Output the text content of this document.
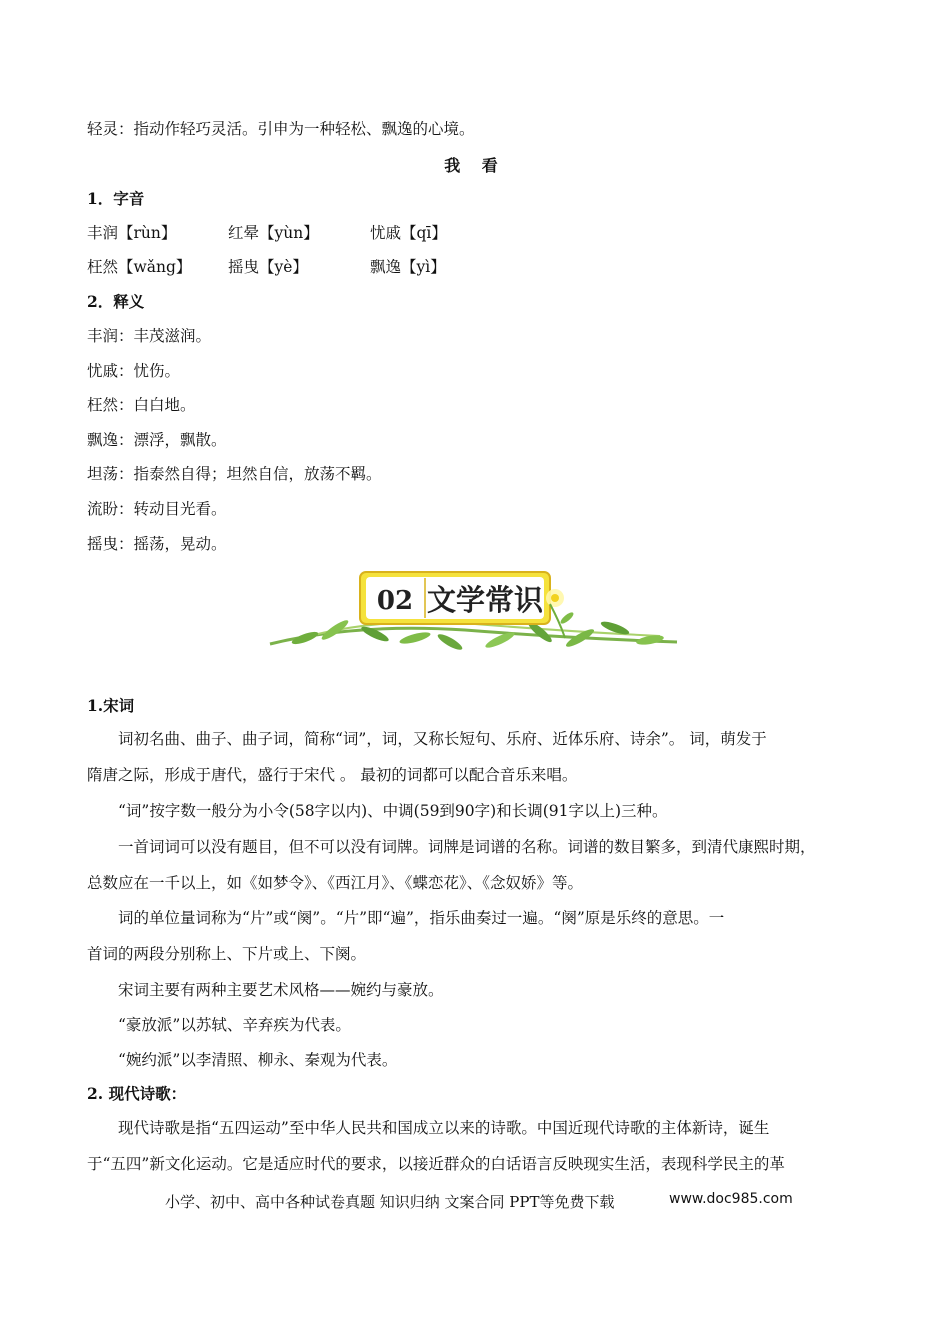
轻灵：指动作轻巧灵活。引申为一种轻松、飘逸的心境。
我 看
1．字音
丰润【rùn】	红晕【yùn】	忧戚【qī】
枉然【wǎng】 摇曳【yè】	飘逸【yì】
2．释义
丰润：丰茂滋润。
忧戚：忧伤。
枉然：白白地。
飘逸：漂浮，飘散。
坦荡：指泰然自得；坦然自信，放荡不羁。
流盼：转动目光看。
摇曳：摇荡，晃动。
02 文学常识
1.宋词
词初名曲、曲子、曲子词，简称“词”，词，又称长短句、乐府、近体乐府、诗余”。 词，萌发于
隋唐之际，形成于唐代，盛行于宋代 。 最初的词都可以配合音乐来唱。
“词”按字数一般分为小令(58字以内)、中调(59到90字)和长调(91字以上)三种。
一首词词可以没有题目，但不可以没有词牌。词牌是词谱的名称。词谱的数目繁多，到清代康熙时期，
总数应在一千以上，如《如梦令》、《西江月》、《蝶恋花》、《念奴娇》等。
词的单位量词称为“片”或“阕”。“片”即“遍”，指乐曲奏过一遍。“阕”原是乐终的意思。一
首词的两段分别称上、下片或上、下阕。
宋词主要有两种主要艺术风格——婉约与豪放。
“豪放派”以苏轼、辛弃疾为代表。
“婉约派”以李清照、柳永、秦观为代表。
2. 现代诗歌：
现代诗歌是指“五四运动”至中华人民共和国成立以来的诗歌。中国近现代诗歌的主体新诗，诞生
于“五四”新文化运动。它是适应时代的要求，以接近群众的白话语言反映现实生活，表现科学民主的革
小学、初中、高中各种试卷真题 知识归纳 文案合同 PPT等免费下载	www.doc985.com
